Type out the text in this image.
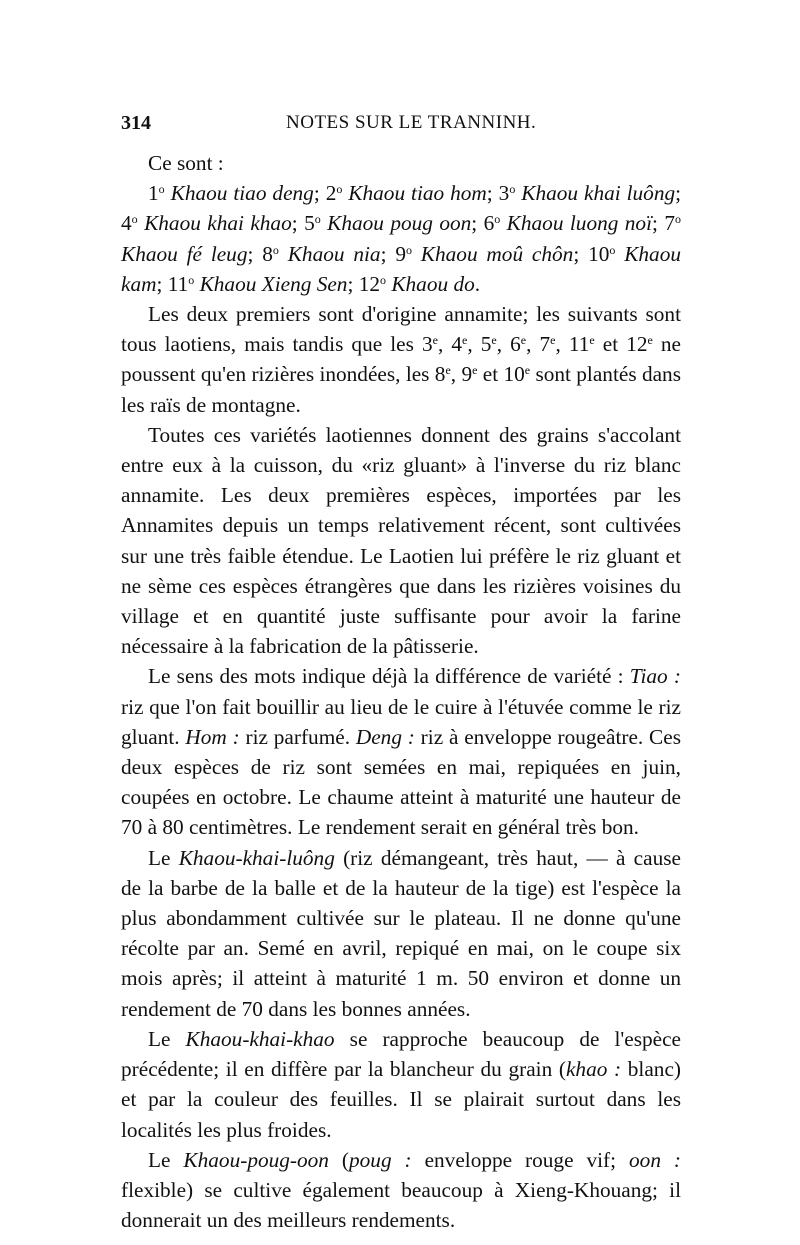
314	NOTES SUR LE TRANNINH.

Ce sont :

1$^o$ Khaou tiao deng; 2$^o$ Khaou tiao hom; 3$^o$ Khaou khai luông; 4$^o$ Khaou khai khao; 5$^o$ Khaou poug oon; 6$^o$ Khaou luong noï; 7$^o$ Khaou fé leug; 8$^o$ Khaou nia; 9$^o$ Khaou moû chôn; 10$^o$ Khaou kam; 11$^o$ Khaou Xieng Sen; 12$^o$ Khaou do.

Les deux premiers sont d'origine annamite; les suivants sont tous laotiens, mais tandis que les 3e, 4e, 5e, 6e, 7e, 11e et 12e ne poussent qu'en rizières inondées, les 8e, 9e et 10e sont plantés dans les raïs de montagne.

Toutes ces variétés laotiennes donnent des grains s'accolant entre eux à la cuisson, du «riz gluant» à l'inverse du riz blanc annamite. Les deux premières espèces, importées par les Annamites depuis un temps relativement récent, sont cultivées sur une très faible étendue. Le Laotien lui préfère le riz gluant et ne sème ces espèces étrangères que dans les rizières voisines du village et en quantité juste suffisante pour avoir la farine nécessaire à la fabrication de la pâtisserie.

Le sens des mots indique déjà la différence de variété : Tiao : riz que l'on fait bouillir au lieu de le cuire à l'étuvée comme le riz gluant. Hom : riz parfumé. Deng : riz à enveloppe rougeâtre. Ces deux espèces de riz sont semées en mai, repiquées en juin, coupées en octobre. Le chaume atteint à maturité une hauteur de 70 à 80 centimètres. Le rendement serait en général très bon.

Le Khaou-khai-luông (riz démangeant, très haut, — à cause de la barbe de la balle et de la hauteur de la tige) est l'espèce la plus abondamment cultivée sur le plateau. Il ne donne qu'une récolte par an. Semé en avril, repiqué en mai, on le coupe six mois après; il atteint à maturité 1 m. 50 environ et donne un rendement de 70 dans les bonnes années.

Le Khaou-khai-khao se rapproche beaucoup de l'espèce précédente; il en diffère par la blancheur du grain (khao : blanc) et par la couleur des feuilles. Il se plairait surtout dans les localités les plus froides.

Le Khaou-poug-oon (poug : enveloppe rouge vif; oon : flexible) se cultive également beaucoup à Xieng-Khouang; il donnerait un des meilleurs rendements.
